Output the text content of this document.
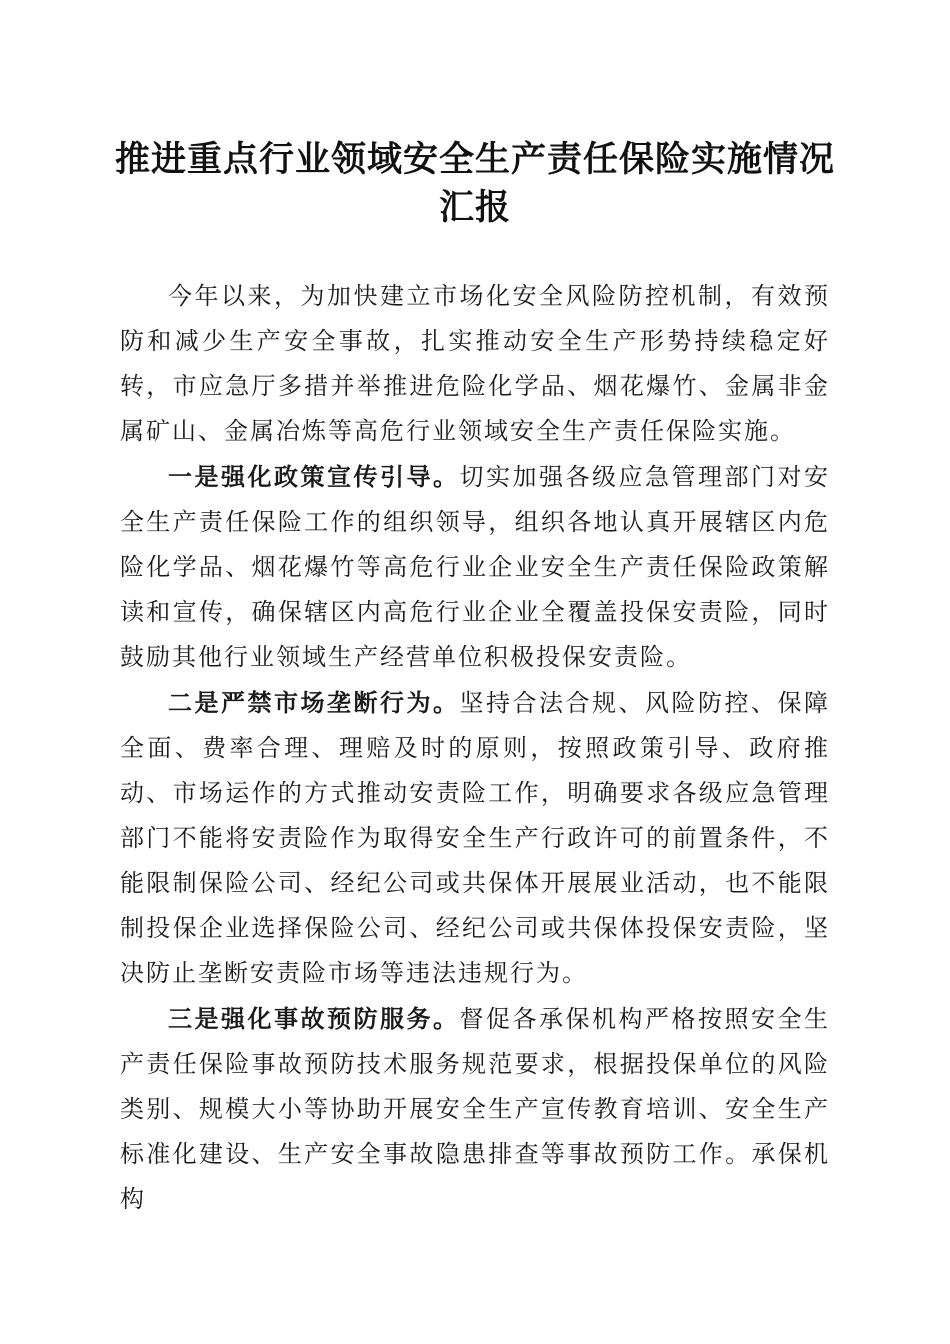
推进重点行业领域安全生产责任保险实施情况
汇报

今年以来，为加快建立市场化安全风险防控机制，有效预防和减少生产安全事故，扎实推动安全生产形势持续稳定好转，市应急厅多措并举推进危险化学品、烟花爆竹、金属非金属矿山、金属冶炼等高危行业领域安全生产责任保险实施。

一是强化政策宣传引导。切实加强各级应急管理部门对安全生产责任保险工作的组织领导，组织各地认真开展辖区内危险化学品、烟花爆竹等高危行业企业安全生产责任保险政策解读和宣传，确保辖区内高危行业企业全覆盖投保安责险，同时鼓励其他行业领域生产经营单位积极投保安责险。

二是严禁市场垄断行为。坚持合法合规、风险防控、保障全面、费率合理、理赔及时的原则，按照政策引导、政府推动、市场运作的方式推动安责险工作，明确要求各级应急管理部门不能将安责险作为取得安全生产行政许可的前置条件，不能限制保险公司、经纪公司或共保体开展展业活动，也不能限制投保企业选择保险公司、经纪公司或共保体投保安责险，坚决防止垄断安责险市场等违法违规行为。

三是强化事故预防服务。督促各承保机构严格按照安全生产责任保险事故预防技术服务规范要求，根据投保单位的风险类别、规模大小等协助开展安全生产宣传教育培训、安全生产标准化建设、生产安全事故隐患排查等事故预防工作。承保机构
